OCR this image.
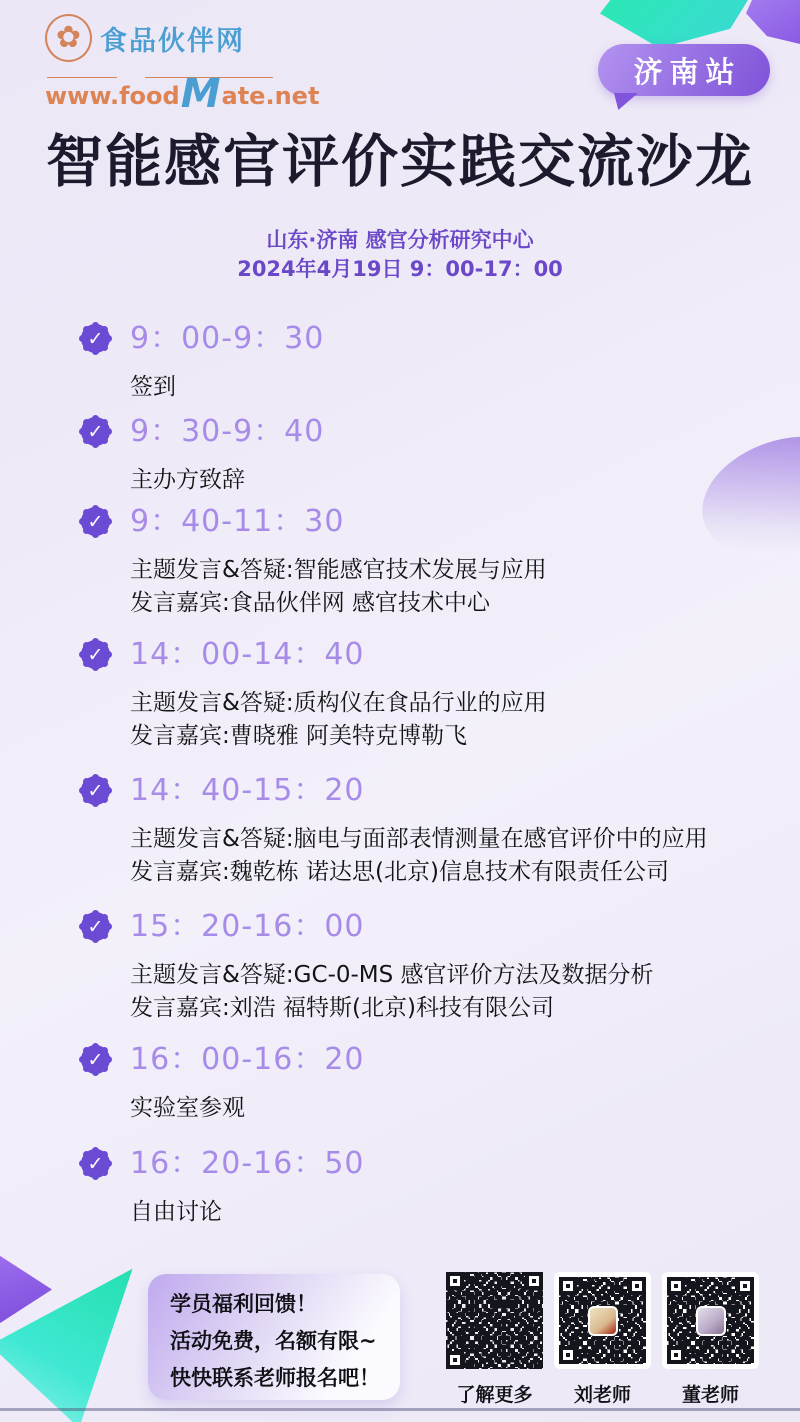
✿ 食品伙伴网
www.food M ate.net
济南站
智能感官评价实践交流沙龙
山东·济南 感官分析研究中心
2024年4月19日 9：00-17：00
✓ 9：00-9：30
签到
✓ 9：30-9：40
主办方致辞
✓ 9：40-11：30
主题发言&答疑:智能感官技术发展与应用
发言嘉宾:食品伙伴网 感官技术中心
✓ 14：00-14：40
主题发言&答疑:质构仪在食品行业的应用
发言嘉宾:曹晓雅 阿美特克博勒飞
✓ 14：40-15：20
主题发言&答疑:脑电与面部表情测量在感官评价中的应用
发言嘉宾:魏乾栋 诺达思(北京)信息技术有限责任公司
✓ 15：20-16：00
主题发言&答疑:GC-0-MS 感官评价方法及数据分析
发言嘉宾:刘浩 福特斯(北京)科技有限公司
✓ 16：00-16：20
实验室参观
✓ 16：20-16：50
自由讨论
学员福利回馈！
活动免费，名额有限~
快快联系老师报名吧！
了解更多 刘老师	董老师
